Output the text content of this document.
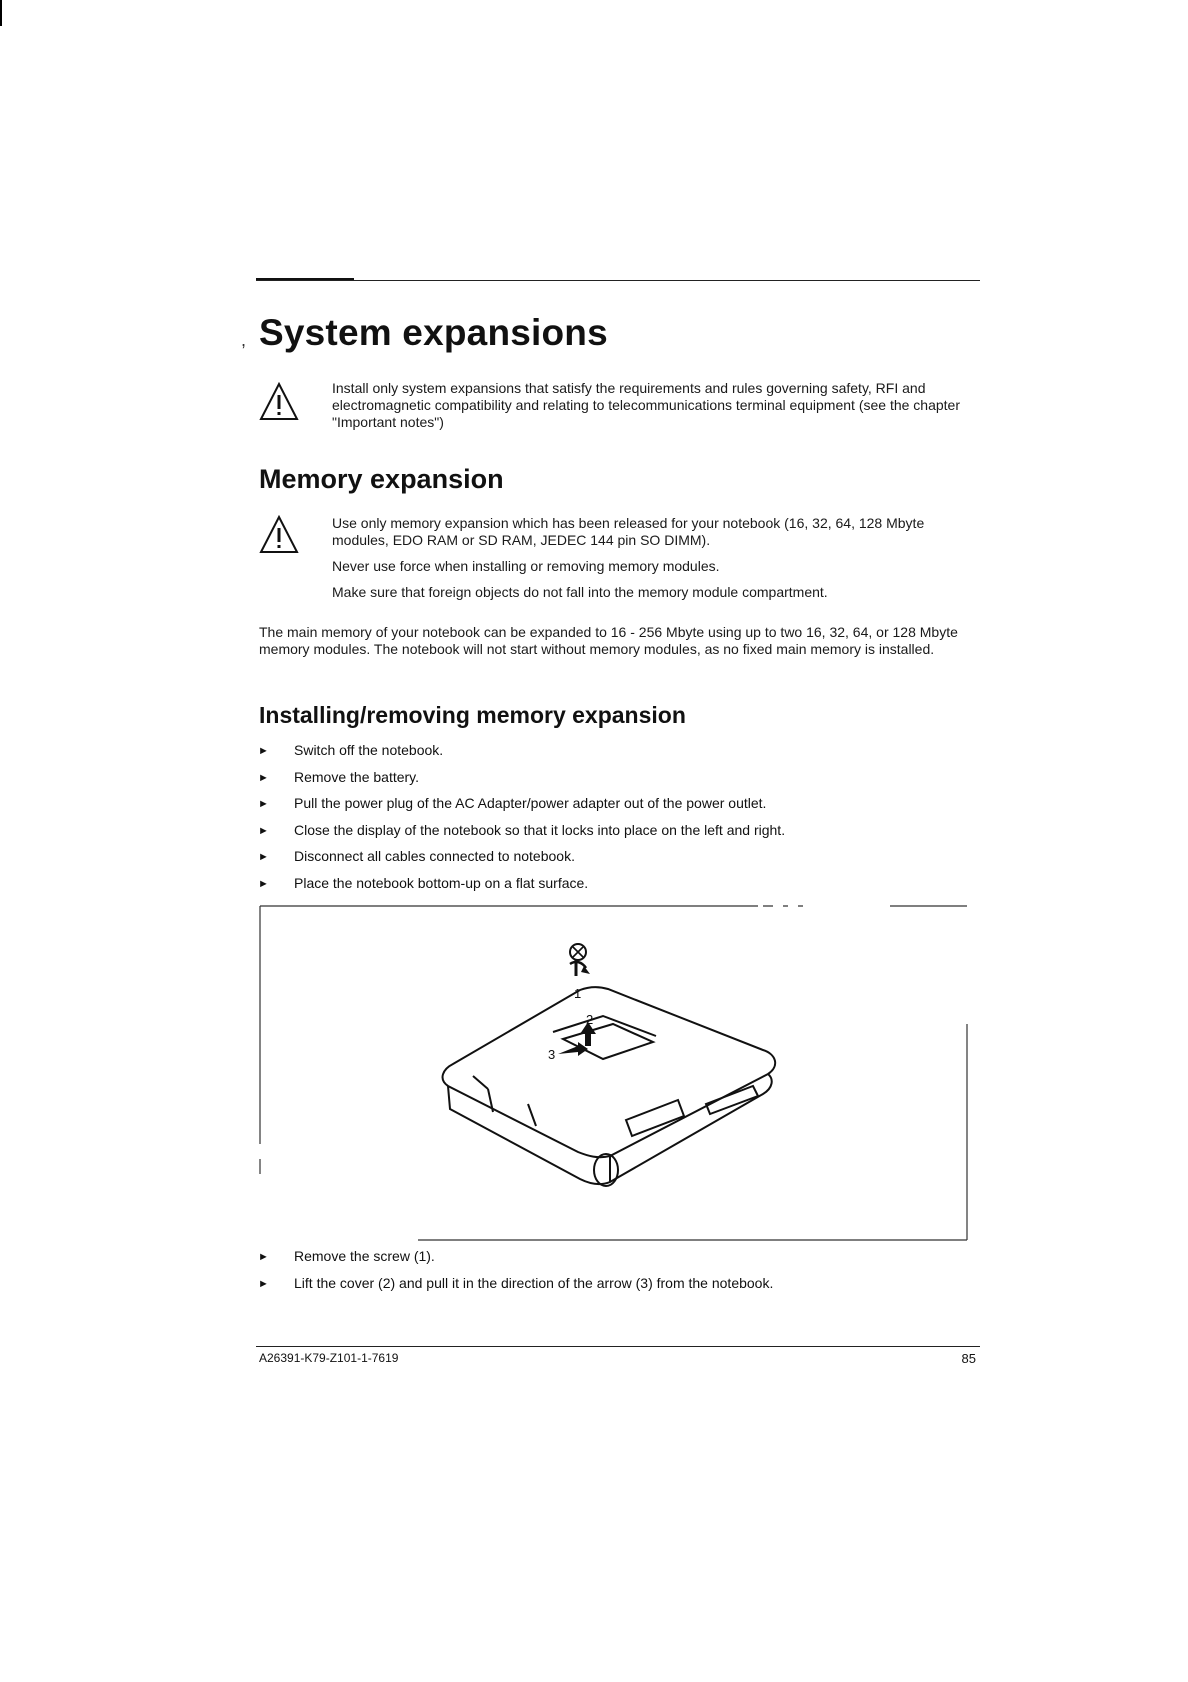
, System expansions

Install only system expansions that satisfy the requirements and rules governing safety, RFI and electromagnetic compatibility and relating to telecommunications terminal equipment (see the chapter "Important notes")

Memory expansion

Use only memory expansion which has been released for your notebook (16, 32, 64, 128 Mbyte modules, EDO RAM or SD RAM, JEDEC 144 pin SO DIMM).

Never use force when installing or removing memory modules.

Make sure that foreign objects do not fall into the memory module compartment.

The main memory of your notebook can be expanded to 16 - 256 Mbyte using up to two 16, 32, 64, or 128 Mbyte memory modules. The notebook will not start without memory modules, as no fixed main memory is installed.

Installing/removing memory expansion
► Switch off the notebook.
► Remove the battery.
► Pull the power plug of the AC Adapter/power adapter out of the power outlet.
► Close the display of the notebook so that it locks into place on the left and right.
► Disconnect all cables connected to notebook.
► Place the notebook bottom-up on a flat surface.
1
2
3
► Remove the screw (1).
► Lift the cover (2) and pull it in the direction of the arrow (3) from the notebook.
A26391-K79-Z101-1-7619	85
